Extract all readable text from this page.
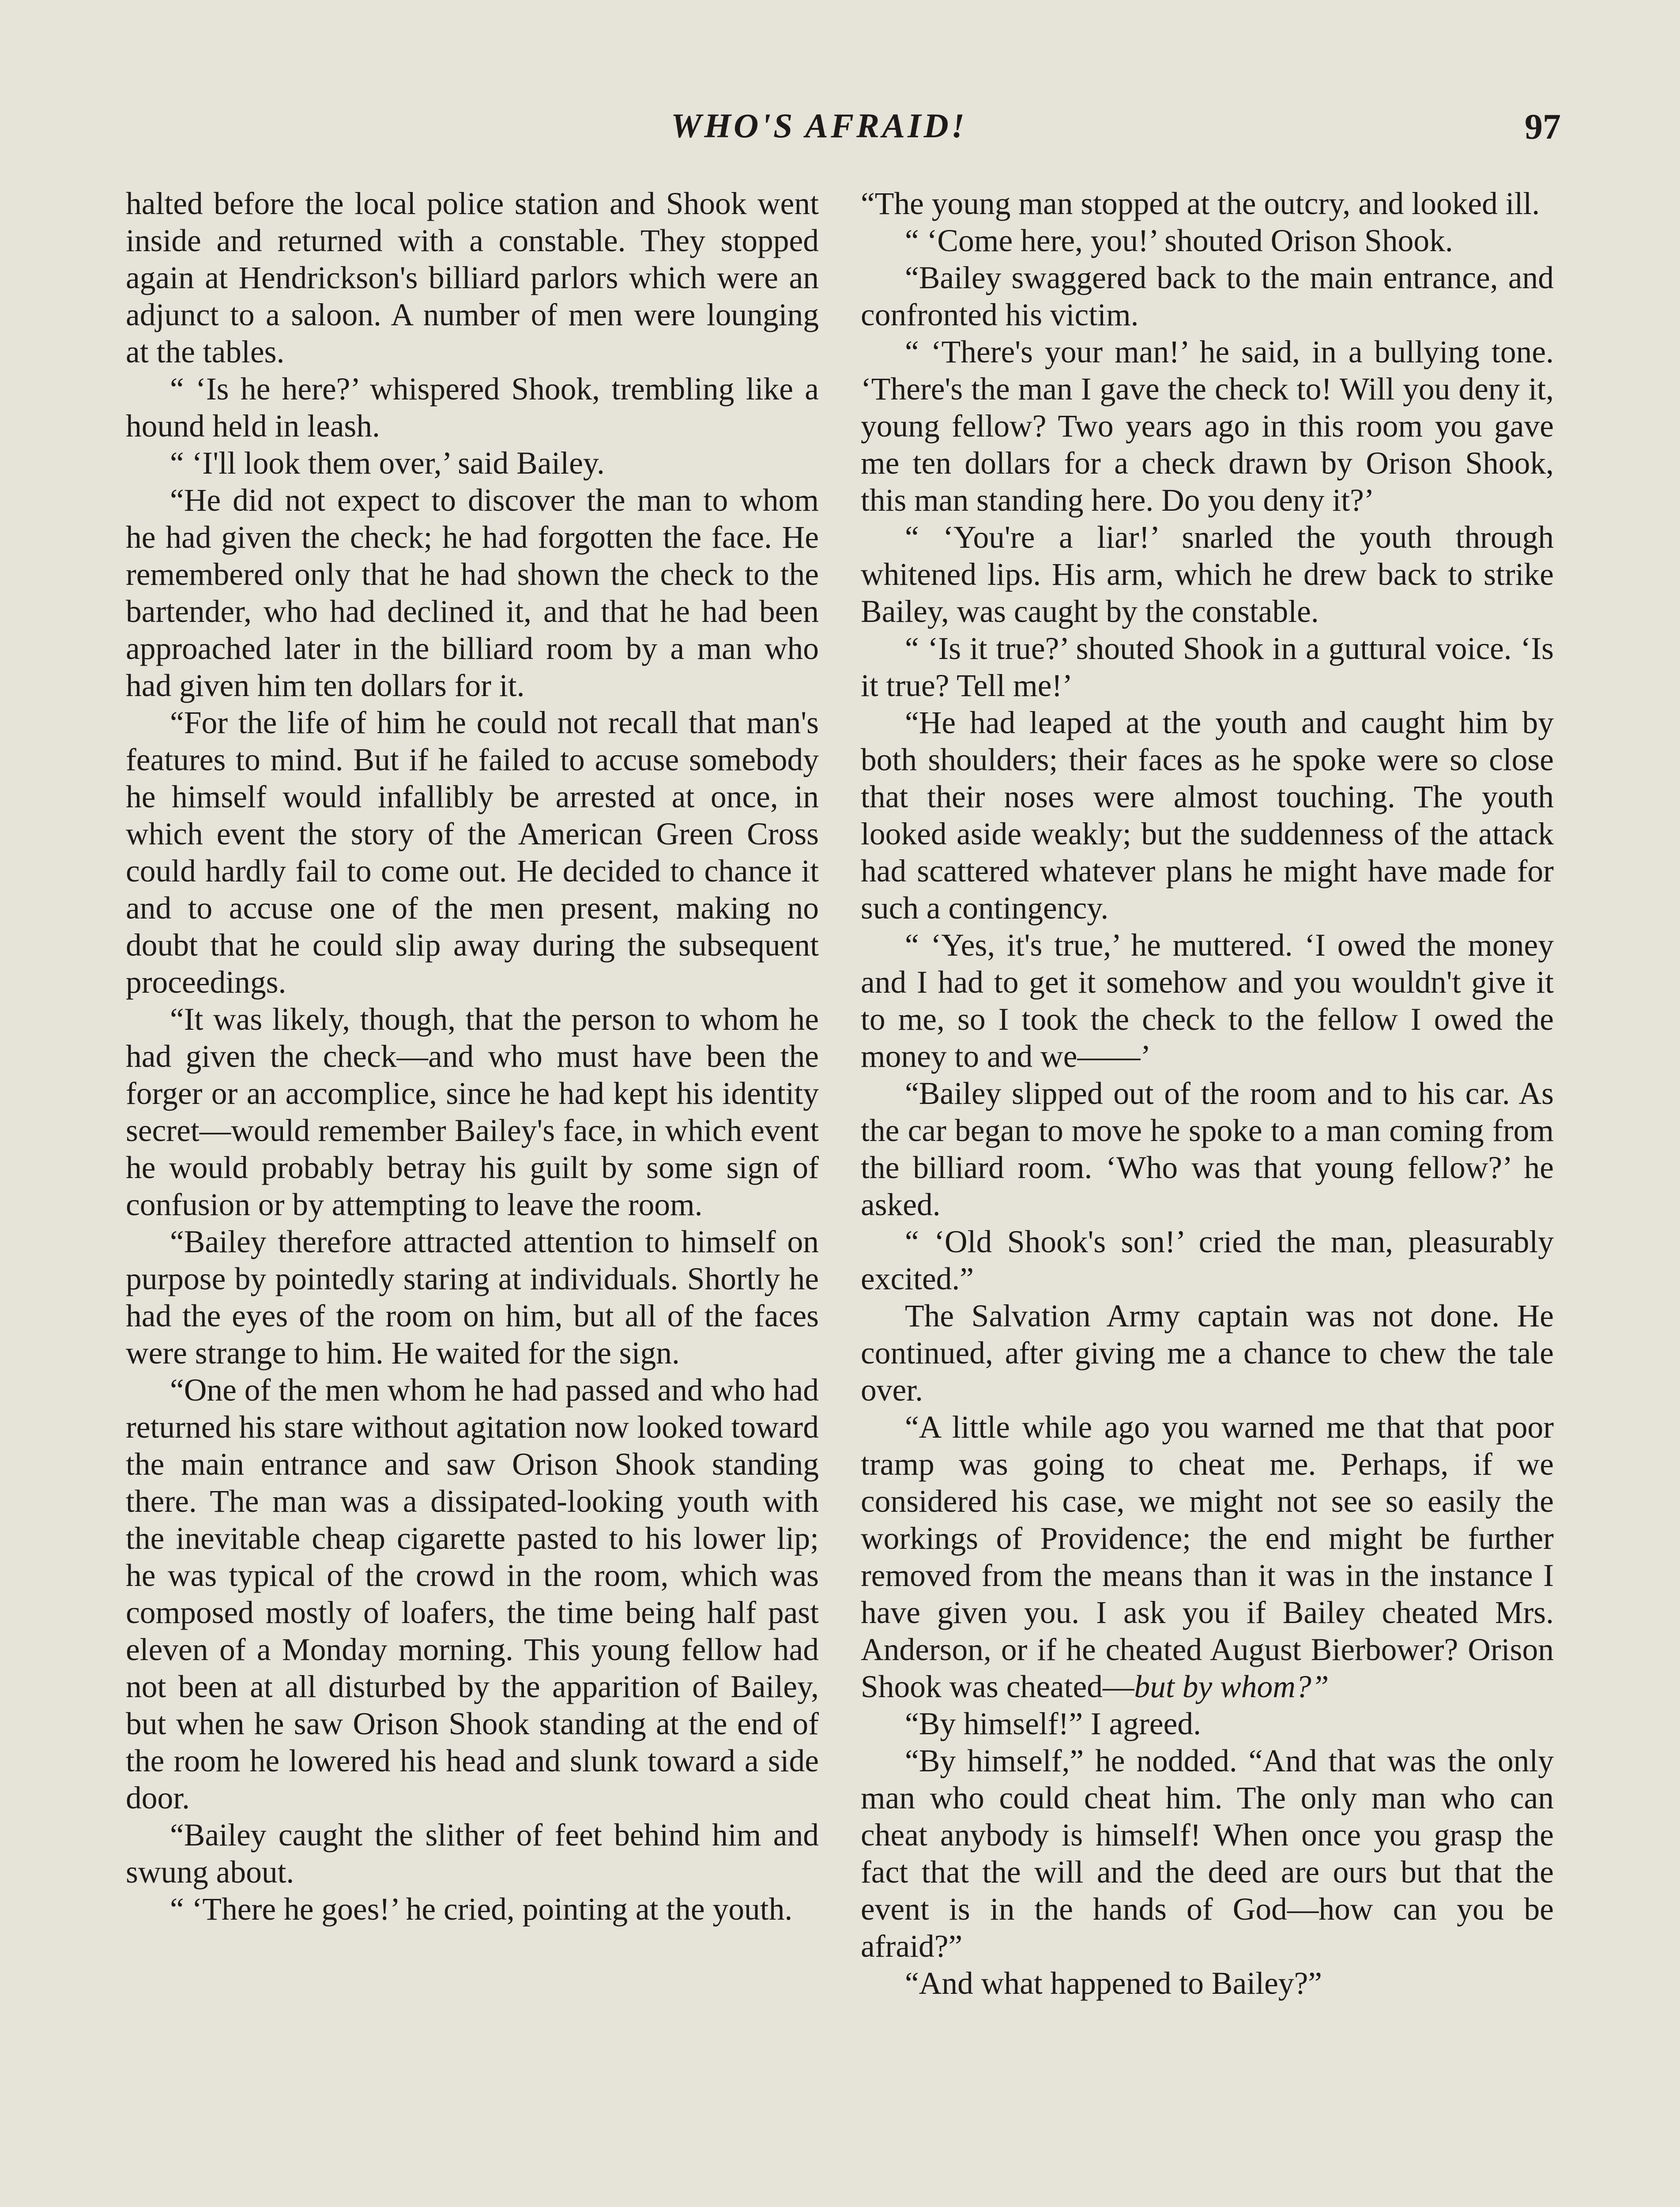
WHO'S AFRAID!	97

halted before the local police station and Shook went inside and returned with a constable. They stopped again at Hendrickson's billiard parlors which were an adjunct to a saloon. A number of men were lounging at the tables.

“ ‘Is he here?’ whispered Shook, trembling like a hound held in leash.

“ ‘I'll look them over,’ said Bailey.

“He did not expect to discover the man to whom he had given the check; he had forgotten the face. He remembered only that he had shown the check to the bartender, who had declined it, and that he had been approached later in the billiard room by a man who had given him ten dollars for it.

“For the life of him he could not recall that man's features to mind. But if he failed to accuse somebody he himself would infallibly be arrested at once, in which event the story of the American Green Cross could hardly fail to come out. He decided to chance it and to accuse one of the men present, making no doubt that he could slip away during the subsequent proceedings.

“It was likely, though, that the person to whom he had given the check—and who must have been the forger or an accomplice, since he had kept his identity secret—would remember Bailey's face, in which event he would probably betray his guilt by some sign of confusion or by attempting to leave the room.

“Bailey therefore attracted attention to himself on purpose by pointedly staring at individuals. Shortly he had the eyes of the room on him, but all of the faces were strange to him. He waited for the sign.

“One of the men whom he had passed and who had returned his stare without agitation now looked toward the main entrance and saw Orison Shook standing there. The man was a dissipated-looking youth with the inevitable cheap cigarette pasted to his lower lip; he was typical of the crowd in the room, which was composed mostly of loafers, the time being half past eleven of a Monday morning. This young fellow had not been at all disturbed by the apparition of Bailey, but when he saw Orison Shook standing at the end of the room he lowered his head and slunk toward a side door.

“Bailey caught the slither of feet behind him and swung about.

“ ‘There he goes!’ he cried, pointing at the youth.

“The young man stopped at the outcry, and looked ill.

“ ‘Come here, you!’ shouted Orison Shook.

“Bailey swaggered back to the main entrance, and confronted his victim.

“ ‘There's your man!’ he said, in a bullying tone. ‘There's the man I gave the check to! Will you deny it, young fellow? Two years ago in this room you gave me ten dollars for a check drawn by Orison Shook, this man standing here. Do you deny it?’

“ ‘You're a liar!’ snarled the youth through whitened lips. His arm, which he drew back to strike Bailey, was caught by the constable.

“ ‘Is it true?’ shouted Shook in a guttural voice. ‘Is it true? Tell me!’

“He had leaped at the youth and caught him by both shoulders; their faces as he spoke were so close that their noses were almost touching. The youth looked aside weakly; but the suddenness of the attack had scattered whatever plans he might have made for such a contingency.

“ ‘Yes, it's true,’ he muttered. ‘I owed the money and I had to get it somehow and you wouldn't give it to me, so I took the check to the fellow I owed the money to and we——’

“Bailey slipped out of the room and to his car. As the car began to move he spoke to a man coming from the billiard room. ‘Who was that young fellow?’ he asked.

“ ‘Old Shook's son!’ cried the man, pleasurably excited.”

The Salvation Army captain was not done. He continued, after giving me a chance to chew the tale over.

“A little while ago you warned me that that poor tramp was going to cheat me. Perhaps, if we considered his case, we might not see so easily the workings of Providence; the end might be further removed from the means than it was in the instance I have given you. I ask you if Bailey cheated Mrs. Anderson, or if he cheated August Bierbower? Orison Shook was cheated—but by whom?”

“By himself!” I agreed.

“By himself,” he nodded. “And that was the only man who could cheat him. The only man who can cheat anybody is himself! When once you grasp the fact that the will and the deed are ours but that the event is in the hands of God—how can you be afraid?”

“And what happened to Bailey?”
